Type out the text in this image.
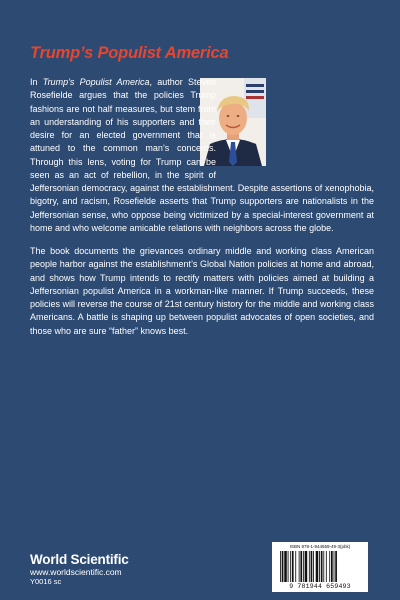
Trump’s Populist America

In Trump’s Populist America, author Steven Rosefielde argues that the policies Trump fashions are not half measures, but stem from an understanding of his supporters and their desire for an elected government that is attuned to the common man’s concerns. Through this lens, voting for Trump can be seen as an act of rebellion, in the spirit of Jeffersonian democracy, against the establishment. Despite assertions of xenophobia, bigotry, and racism, Rosefielde asserts that Trump supporters are nationalists in the Jeffersonian sense, who oppose being victimized by a special-interest government at home and who welcome amicable relations with neighbors across the globe.

The book documents the grievances ordinary middle and working class American people harbor against the establishment’s Global Nation policies at home and abroad, and shows how Trump intends to rectify matters with policies aimed at building a Jeffersonian populist America in a workman-like manner. If Trump succeeds, these policies will reverse the course of 21st century history for the middle and working class Americans. A battle is shaping up between populist advocates of open societies, and those who are sure “father” knows best.

World Scientific
www.worldscientific.com
Y0016 sc
ISBN 978-1-944659-49-3(pbk)
9 781944 659493
